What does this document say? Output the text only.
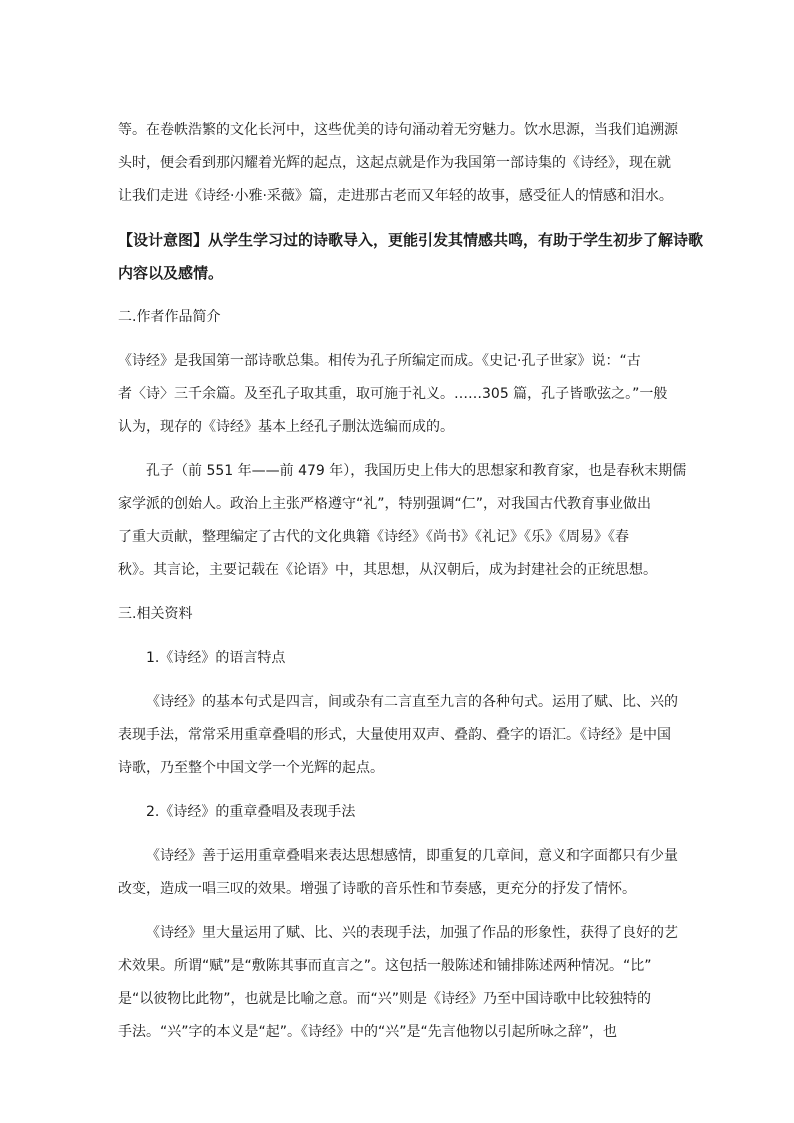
等。在卷帙浩繁的文化长河中，这些优美的诗句涌动着无穷魅力。饮水思源，当我们追溯源
头时，便会看到那闪耀着光辉的起点，这起点就是作为我国第一部诗集的《诗经》，现在就
让我们走进《诗经·小雅·采薇》篇，走进那古老而又年轻的故事，感受征人的情感和泪水。
【设计意图】从学生学习过的诗歌导入，更能引发其情感共鸣，有助于学生初步了解诗歌
内容以及感情。
二.作者作品简介
《诗经》是我国第一部诗歌总集。相传为孔子所编定而成。《史记·孔子世家》说：“古
者〈诗〉三千余篇。及至孔子取其重，取可施于礼义。……305 篇，孔子皆歌弦之。”一般
认为，现存的《诗经》基本上经孔子删汰选编而成的。
孔子（前 551 年——前 479 年），我国历史上伟大的思想家和教育家，也是春秋末期儒
家学派的创始人。政治上主张严格遵守“礼”，特别强调“仁”，对我国古代教育事业做出
了重大贡献，整理编定了古代的文化典籍《诗经》《尚书》《礼记》《乐》《周易》《春
秋》。其言论，主要记载在《论语》中，其思想，从汉朝后，成为封建社会的正统思想。
三.相关资料
1.《诗经》的语言特点
《诗经》的基本句式是四言，间或杂有二言直至九言的各种句式。运用了赋、比、兴的
表现手法，常常采用重章叠唱的形式，大量使用双声、叠韵、叠字的语汇。《诗经》是中国
诗歌，乃至整个中国文学一个光辉的起点。
2.《诗经》的重章叠唱及表现手法
《诗经》善于运用重章叠唱来表达思想感情，即重复的几章间，意义和字面都只有少量
改变，造成一唱三叹的效果。增强了诗歌的音乐性和节奏感，更充分的抒发了情怀。
《诗经》里大量运用了赋、比、兴的表现手法，加强了作品的形象性，获得了良好的艺
术效果。所谓“赋”是“敷陈其事而直言之”。这包括一般陈述和铺排陈述两种情况。“比”
是“以彼物比此物”，也就是比喻之意。而“兴”则是《诗经》乃至中国诗歌中比较独特的
手法。“兴”字的本义是“起”。《诗经》中的“兴”是“先言他物以引起所咏之辞”，也
